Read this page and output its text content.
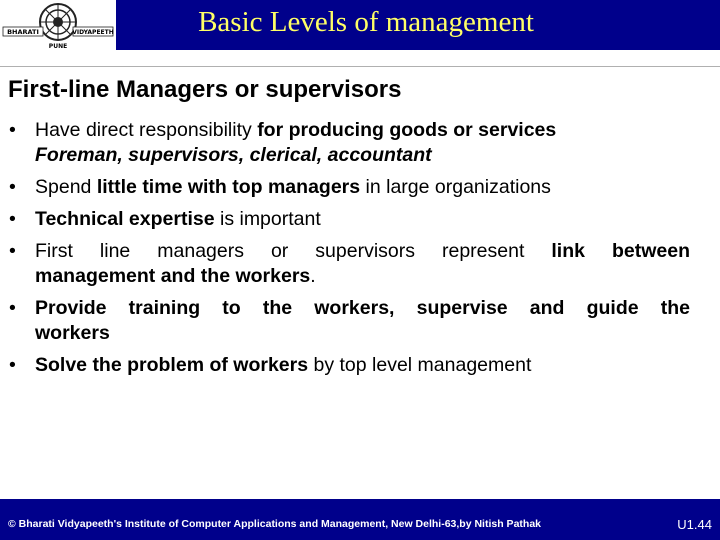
BHARATI	VIDYAPEETH
PUNE
Basic Levels of management
First-line Managers or supervisors
• Have direct responsibility for producing goods or services
Foreman, supervisors, clerical, accountant
• Spend little time with top managers in large organizations
• Technical expertise is important
• First line managers or supervisors represent link between
management and the workers.
• Provide training to the workers, supervise and guide the
workers
• Solve the problem of workers by top level management
© Bharati Vidyapeeth's Institute of Computer Applications and Management, New Delhi-63,by Nitish Pathak	U1.44
